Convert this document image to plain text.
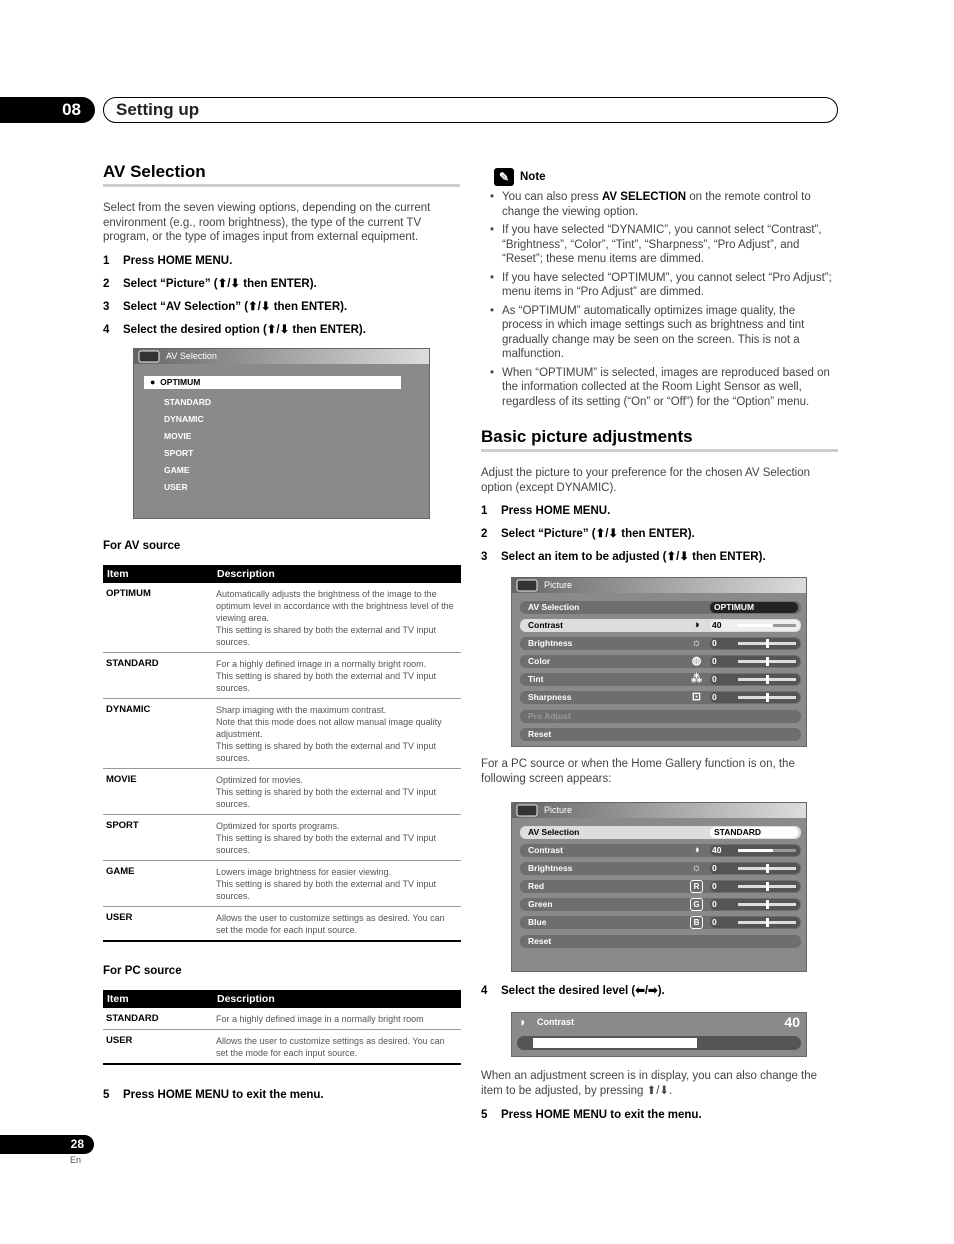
08	Setting up
AV Selection
Select from the seven viewing options, depending on the current environment (e.g., room brightness), the type of the current TV program, or the type of images input from external equipment.
1 Press HOME MENU.
2 Select “Picture” (⬆/⬇ then ENTER).
3 Select “AV Selection” (⬆/⬇ then ENTER).
4 Select the desired option (⬆/⬇ then ENTER).
AV Selection
● OPTIMUM
STANDARD
DYNAMIC
MOVIE
SPORT
GAME
USER
For AV source
Item	Description
OPTIMUM	Automatically adjusts the brightness of the image to the optimum level in accordance with the brightness level of the viewing area.
This setting is shared by both the external and TV input sources.
STANDARD	For a highly defined image in a normally bright room.
This setting is shared by both the external and TV input sources.
DYNAMIC	Sharp imaging with the maximum contrast.
Note that this mode does not allow manual image quality adjustment.
This setting is shared by both the external and TV input sources.
MOVIE	Optimized for movies.
This setting is shared by both the external and TV input sources.
SPORT	Optimized for sports programs.
This setting is shared by both the external and TV input sources.
GAME	Lowers image brightness for easier viewing.
This setting is shared by both the external and TV input sources.
USER	Allows the user to customize settings as desired. You can set the mode for each input source.
For PC source
Item	Description
STANDARD	For a highly defined image in a normally bright room
USER	Allows the user to customize settings as desired. You can set the mode for each input source.
5 Press HOME MENU to exit the menu.
✎ Note
• You can also press AV SELECTION on the remote control to change the viewing option.
• If you have selected “DYNAMIC”, you cannot select “Contrast”, “Brightness”, “Color”, “Tint”, “Sharpness”, “Pro Adjust”, and “Reset”; these menu items are dimmed.
• If you have selected “OPTIMUM”, you cannot select “Pro Adjust”; menu items in “Pro Adjust” are dimmed.
• As “OPTIMUM” automatically optimizes image quality, the process in which image settings such as brightness and tint gradually change may be seen on the screen. This is not a malfunction.
• When “OPTIMUM” is selected, images are reproduced based on the information collected at the Room Light Sensor as well, regardless of its setting (“On” or “Off”) for the “Option” menu.
Basic picture adjustments
Adjust the picture to your preference for the chosen AV Selection option (except DYNAMIC).
1 Press HOME MENU.
2 Select “Picture” (⬆/⬇ then ENTER).
3 Select an item to be adjusted (⬆/⬇ then ENTER).
Picture
AV Selection	OPTIMUM
Contrast	◑	40
Brightness	☼ 0
Color	◍ 0
Tint	⁂ 0
Sharpness	⊡ 0
Pro Adjust
Reset
For a PC source or when the Home Gallery function is on, the following screen appears:
Picture
AV Selection	STANDARD
Contrast	◑	40
Brightness	☼ 0
Red	R	0
Green	G	0
Blue	B	0
Reset
4 Select the desired level (⬅/➡).
◑ Contrast	40
When an adjustment screen is in display, you can also change the item to be adjusted, by pressing ⬆/⬇.
5 Press HOME MENU to exit the menu.
28
En
